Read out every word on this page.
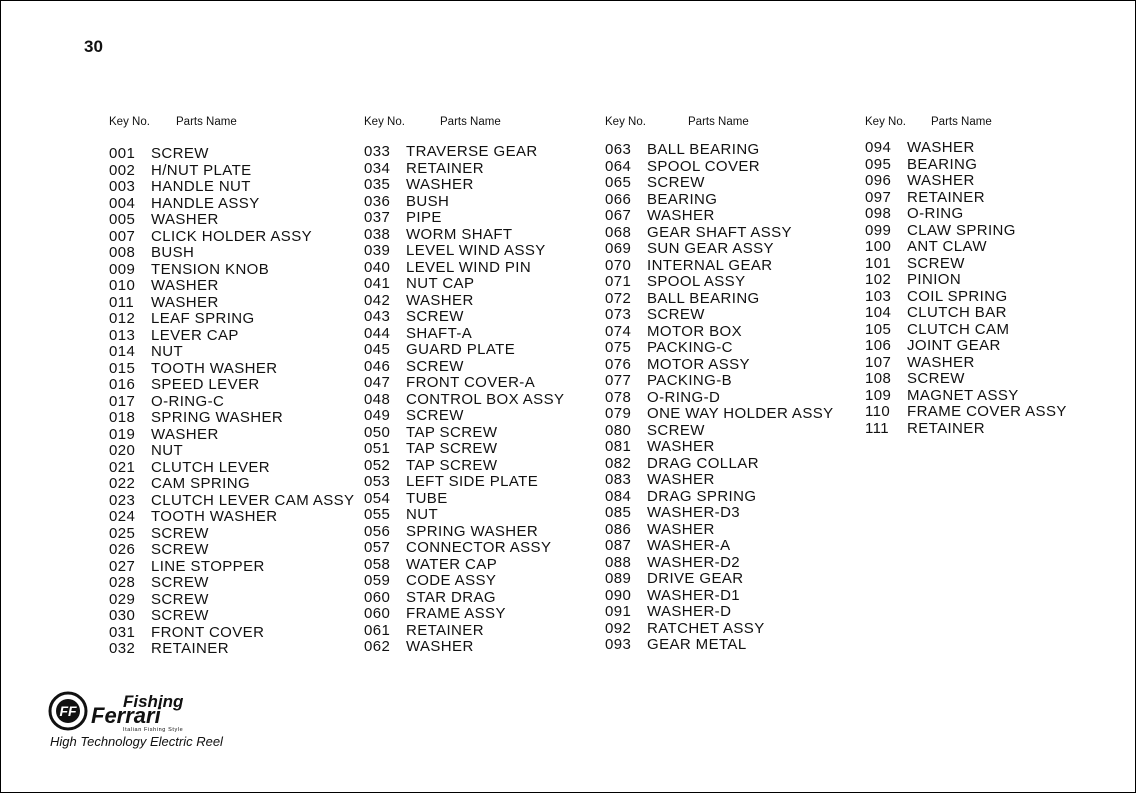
30
Key No. Parts Name
001 SCREW
002 H/NUT PLATE
003 HANDLE NUT
004 HANDLE ASSY
005 WASHER
007 CLICK HOLDER ASSY
008 BUSH
009 TENSION KNOB
010 WASHER
011 WASHER
012 LEAF SPRING
013 LEVER CAP
014 NUT
015 TOOTH WASHER
016 SPEED LEVER
017 O-RING-C
018 SPRING WASHER
019 WASHER
020 NUT
021 CLUTCH LEVER
022 CAM SPRING
023 CLUTCH LEVER CAM ASSY
024 TOOTH WASHER
025 SCREW
026 SCREW
027 LINE STOPPER
028 SCREW
029 SCREW
030 SCREW
031 FRONT COVER
032 RETAINER
Key No.	Parts Name
033 TRAVERSE GEAR
034 RETAINER
035 WASHER
036 BUSH
037 PIPE
038 WORM SHAFT
039 LEVEL WIND ASSY
040 LEVEL WIND PIN
041 NUT CAP
042 WASHER
043 SCREW
044 SHAFT-A
045 GUARD PLATE
046 SCREW
047 FRONT COVER-A
048 CONTROL BOX ASSY
049 SCREW
050 TAP SCREW
051 TAP SCREW
052 TAP SCREW
053 LEFT SIDE PLATE
054 TUBE
055 NUT
056 SPRING WASHER
057 CONNECTOR ASSY
058 WATER CAP
059 CODE ASSY
060 STAR DRAG
060 FRAME ASSY
061 RETAINER
062 WASHER
Key No.	Parts Name
063 BALL BEARING
064 SPOOL COVER
065 SCREW
066 BEARING
067 WASHER
068 GEAR SHAFT ASSY
069 SUN GEAR ASSY
070 INTERNAL GEAR
071 SPOOL ASSY
072 BALL BEARING
073 SCREW
074 MOTOR BOX
075 PACKING-C
076 MOTOR ASSY
077 PACKING-B
078 O-RING-D
079 ONE WAY HOLDER ASSY
080 SCREW
081 WASHER
082 DRAG COLLAR
083 WASHER
084 DRAG SPRING
085 WASHER-D3
086 WASHER
087 WASHER-A
088 WASHER-D2
089 DRIVE GEAR
090 WASHER-D1
091 WASHER-D
092 RATCHET ASSY
093 GEAR METAL
Key No. Parts Name
094 WASHER
095 BEARING
096 WASHER
097 RETAINER
098 O-RING
099 CLAW SPRING
100 ANT CLAW
101 SCREW
102 PINION
103 COIL SPRING
104 CLUTCH BAR
105 CLUTCH CAM
106 JOINT GEAR
107 WASHER
108 SCREW
109 MAGNET ASSY
110 FRAME COVER ASSY
111 RETAINER
FF	Fishing
Ferrari
Italian Fishing Style
High Technology Electric Reel
